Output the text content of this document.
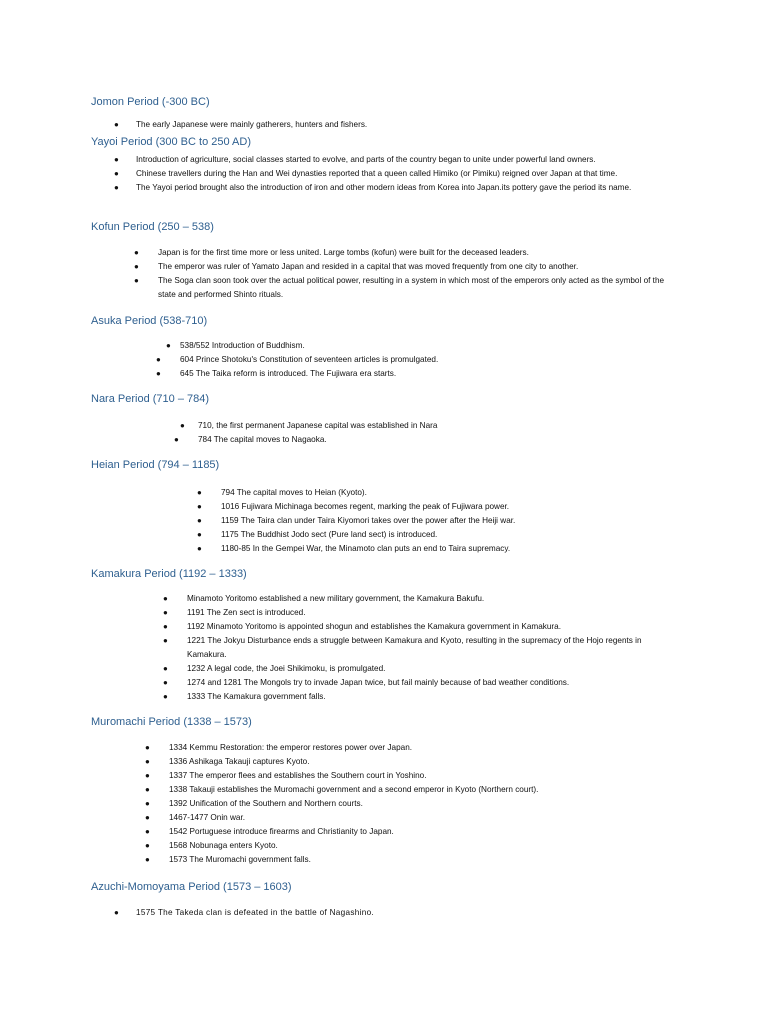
Jomon Period (-300 BC)
● The early Japanese were mainly gatherers, hunters and fishers.
Yayoi Period (300 BC to 250 AD)
● Introduction of agriculture, social classes started to evolve, and parts of the country began to unite under powerful land owners.
● Chinese travellers during the Han and Wei dynasties reported that a queen called Himiko (or Pimiku) reigned over Japan at that time.
● The Yayoi period brought also the introduction of iron and other modern ideas from Korea into Japan.its pottery gave the period its name.
Kofun Period (250 – 538)
● Japan is for the first time more or less united. Large tombs (kofun) were built for the deceased leaders.
● The emperor was ruler of Yamato Japan and resided in a capital that was moved frequently from one city to another.
● The Soga clan soon took over the actual political power, resulting in a system in which most of the emperors only acted as the symbol of the state and performed Shinto rituals.
Asuka Period (538-710)
● 538/552 Introduction of Buddhism.
● 604 Prince Shotoku's Constitution of seventeen articles is promulgated.
● 645 The Taika reform is introduced. The Fujiwara era starts.
Nara Period (710 – 784)
● 710, the first permanent Japanese capital was established in Nara
● 784 The capital moves to Nagaoka.
Heian Period (794 – 1185)
● 794 The capital moves to Heian (Kyoto).
● 1016 Fujiwara Michinaga becomes regent, marking the peak of Fujiwara power.
● 1159 The Taira clan under Taira Kiyomori takes over the power after the Heiji war.
● 1175 The Buddhist Jodo sect (Pure land sect) is introduced.
● 1180-85 In the Gempei War, the Minamoto clan puts an end to Taira supremacy.
Kamakura Period (1192 – 1333)
● Minamoto Yoritomo established a new military government, the Kamakura Bakufu.
● 1191 The Zen sect is introduced.
● 1192 Minamoto Yoritomo is appointed shogun and establishes the Kamakura government in Kamakura.
● 1221 The Jokyu Disturbance ends a struggle between Kamakura and Kyoto, resulting in the supremacy of the Hojo regents in Kamakura.
● 1232 A legal code, the Joei Shikimoku, is promulgated.
● 1274 and 1281 The Mongols try to invade Japan twice, but fail mainly because of bad weather conditions.
● 1333 The Kamakura government falls.
Muromachi Period (1338 – 1573)
● 1334 Kemmu Restoration: the emperor restores power over Japan.
● 1336 Ashikaga Takauji captures Kyoto.
● 1337 The emperor flees and establishes the Southern court in Yoshino.
● 1338 Takauji establishes the Muromachi government and a second emperor in Kyoto (Northern court).
● 1392 Unification of the Southern and Northern courts.
● 1467-1477 Onin war.
● 1542 Portuguese introduce firearms and Christianity to Japan.
● 1568 Nobunaga enters Kyoto.
● 1573 The Muromachi government falls.
Azuchi-Momoyama Period (1573 – 1603)
● 1575 The Takeda clan is defeated in the battle of Nagashino.
